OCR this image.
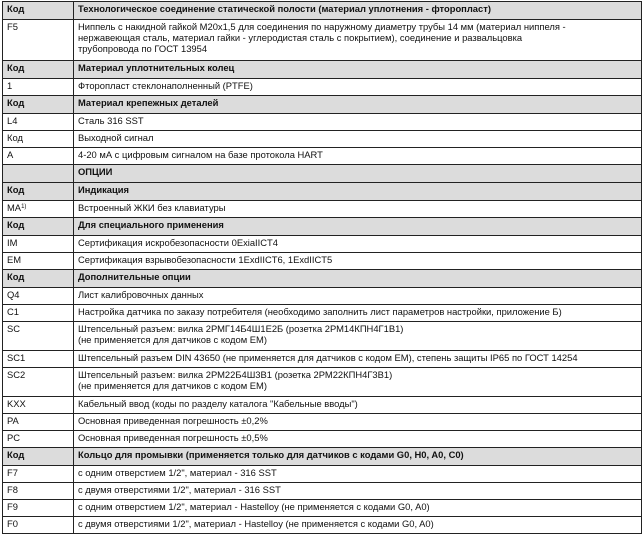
Код	Технологическое соединение статической полости (материал уплотнения - фторопласт)
F5	Ниппель с накидной гайкой М20х1,5 для соединения по наружному диаметру трубы 14 мм (материал ниппеля -
нержавеющая сталь, материал гайки - углеродистая сталь с покрытием), соединение и развальцовка
трубопровода по ГОСТ 13954

Код	Материал уплотнительных колец
1	Фторопласт стеклонаполненный (PTFE)

Код	Материал крепежных деталей
L4	Сталь 316 SST

Код	Выходной сигнал

A	4-20 мА с цифровым сигналом на базе протокола HART

	ОПЦИИ
Код	Индикация
MA$^{1)}$	Встроенный ЖКИ без клавиатуры

Код	Для специального применения
IM	Сертификация искробезопасности 0ExiaIICT4

EM	Сертификация взрывобезопасности 1ExdIICT6, 1ExdIICT5

Код	Дополнительные опции
Q4	Лист калибровочных данных

C1	Настройка датчика по заказу потребителя (необходимо заполнить лист параметров настройки, приложение Б)

SC	Штепсельный разъем: вилка 2РМГ14Б4Ш1Е2Б (розетка 2РМ14КПН4Г1В1)
(не применяется для датчиков с кодом ЕМ)

SC1	Штепсельный разъем DIN 43650 (не применяется для датчиков с кодом ЕМ), степень защиты IP65 по ГОСТ 14254

SC2	Штепсельный разъем: вилка 2РМ22Б4Ш3В1 (розетка 2РМ22КПН4Г3В1)
(не применяется для датчиков с кодом ЕМ)

KXX	Кабельный ввод (коды по разделу каталога "Кабельные вводы")

PA	Основная приведенная погрешность ±0,2%

PC	Основная приведенная погрешность ±0,5%

Код	Кольцо для промывки (применяется только для датчиков с кодами G0, H0, A0, C0)
F7	с одним отверстием 1/2", материал - 316 SST

F8	с двумя отверстиями 1/2", материал - 316 SST

F9	с одним отверстием 1/2", материал - Hastelloy (не применяется с кодами G0, A0)

F0	с двумя отверстиями 1/2", материал - Hastelloy (не применяется с кодами G0, A0)
